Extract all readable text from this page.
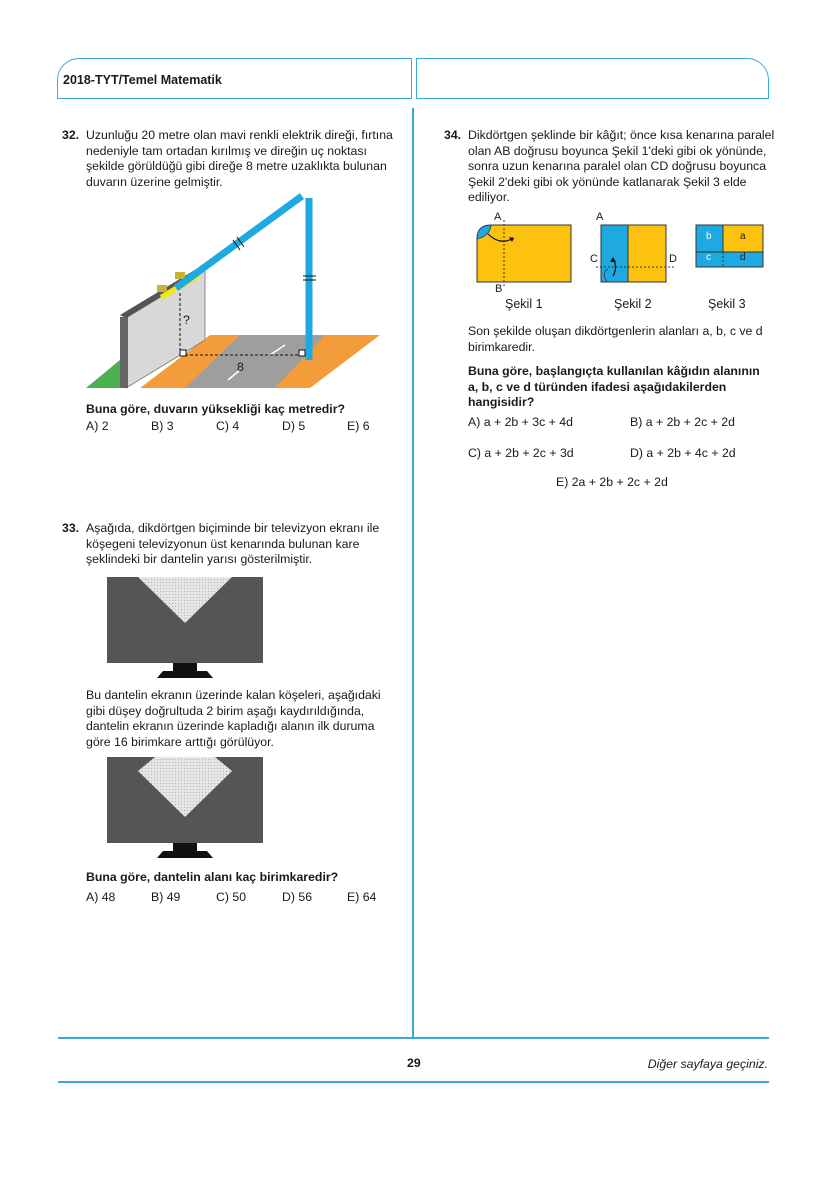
2018-TYT/Temel Matematik
32. Uzunluğu 20 metre olan mavi renkli elektrik direği, fırtına
nedeniyle tam ortadan kırılmış ve direğin uç noktası
şekilde görüldüğü gibi direğe 8 metre uzaklıkta bulunan
duvarın üzerine gelmiştir.
?
8
Buna göre, duvarın yüksekliği kaç metredir?
A) 2	B) 3	C) 4	D) 5	E) 6
33. Aşağıda, dikdörtgen biçiminde bir televizyon ekranı ile
köşegeni televizyonun üst kenarında bulunan kare
şeklindeki bir dantelin yarısı gösterilmiştir.
Bu dantelin ekranın üzerinde kalan köşeleri, aşağıdaki
gibi düşey doğrultuda 2 birim aşağı kaydırıldığında,
dantelin ekranın üzerinde kapladığı alanın ilk duruma
göre 16 birimkare arttığı görülüyor.
Buna göre, dantelin alanı kaç birimkaredir?
A) 48	B) 49	C) 50	D) 56	E) 64
34. Dikdörtgen şeklinde bir kâğıt; önce kısa kenarına paralel
olan AB doğrusu boyunca Şekil 1'deki gibi ok yönünde,
sonra uzun kenarına paralel olan CD doğrusu boyunca
Şekil 2'deki gibi ok yönünde katlanarak Şekil 3 elde
ediliyor.
A
B
A
C	D
b	a
c	d
Şekil 1	Şekil 2	Şekil 3
Son şekilde oluşan dikdörtgenlerin alanları a, b, c ve d
birimkaredir.
Buna göre, başlangıçta kullanılan kâğıdın alanının
a, b, c ve d türünden ifadesi aşağıdakilerden
hangisidir?
A) a + 2b + 3c + 4d	B) a + 2b + 2c + 2d
C) a + 2b + 2c + 3d	D) a + 2b + 4c + 2d
E) 2a + 2b + 2c + 2d
29	Diğer sayfaya geçiniz.
